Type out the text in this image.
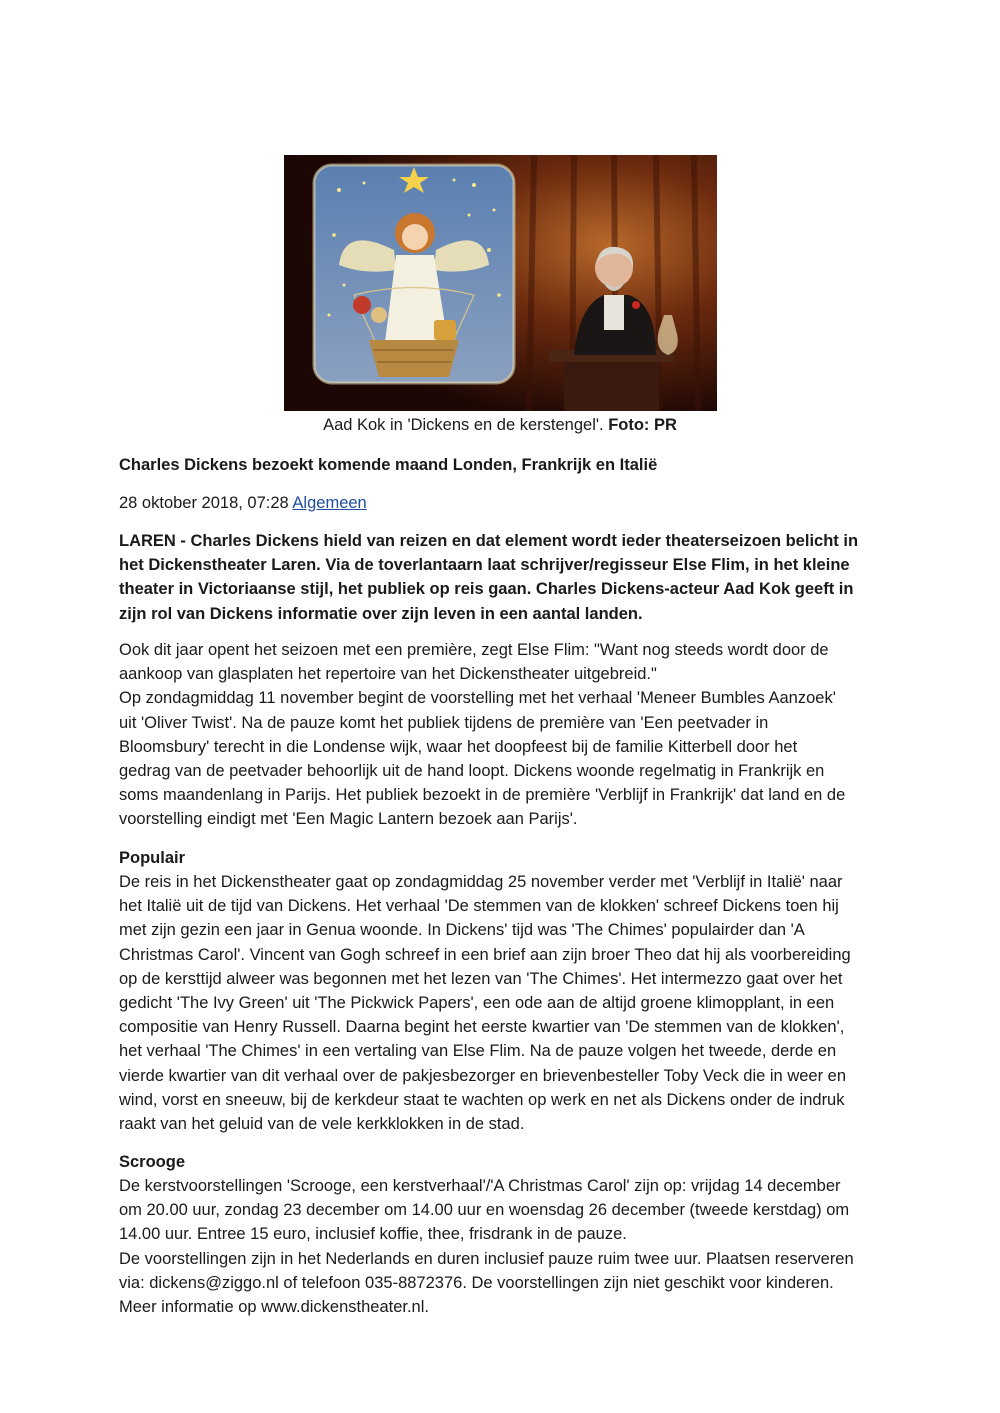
Aad Kok in 'Dickens en de kerstengel'. Foto: PR
Charles Dickens bezoekt komende maand Londen, Frankrijk en Italië
28 oktober 2018, 07:28 Algemeen
LAREN - Charles Dickens hield van reizen en dat element wordt ieder theaterseizoen belicht in
het Dickenstheater Laren. Via de toverlantaarn laat schrijver/regisseur Else Flim, in het kleine
theater in Victoriaanse stijl, het publiek op reis gaan. Charles Dickens-acteur Aad Kok geeft in
zijn rol van Dickens informatie over zijn leven in een aantal landen.
Ook dit jaar opent het seizoen met een première, zegt Else Flim: "Want nog steeds wordt door de
aankoop van glasplaten het repertoire van het Dickenstheater uitgebreid."
Op zondagmiddag 11 november begint de voorstelling met het verhaal 'Meneer Bumbles Aanzoek'
uit 'Oliver Twist'. Na de pauze komt het publiek tijdens de première van 'Een peetvader in
Bloomsbury' terecht in die Londense wijk, waar het doopfeest bij de familie Kitterbell door het
gedrag van de peetvader behoorlijk uit de hand loopt. Dickens woonde regelmatig in Frankrijk en
soms maandenlang in Parijs. Het publiek bezoekt in de première 'Verblijf in Frankrijk' dat land en de
voorstelling eindigt met 'Een Magic Lantern bezoek aan Parijs'.
Populair
De reis in het Dickenstheater gaat op zondagmiddag 25 november verder met 'Verblijf in Italië' naar
het Italië uit de tijd van Dickens. Het verhaal 'De stemmen van de klokken' schreef Dickens toen hij
met zijn gezin een jaar in Genua woonde. In Dickens' tijd was 'The Chimes' populairder dan 'A
Christmas Carol'. Vincent van Gogh schreef in een brief aan zijn broer Theo dat hij als voorbereiding
op de kersttijd alweer was begonnen met het lezen van 'The Chimes'. Het intermezzo gaat over het
gedicht 'The Ivy Green' uit 'The Pickwick Papers', een ode aan de altijd groene klimopplant, in een
compositie van Henry Russell. Daarna begint het eerste kwartier van 'De stemmen van de klokken',
het verhaal 'The Chimes' in een vertaling van Else Flim. Na de pauze volgen het tweede, derde en
vierde kwartier van dit verhaal over de pakjesbezorger en brievenbesteller Toby Veck die in weer en
wind, vorst en sneeuw, bij de kerkdeur staat te wachten op werk en net als Dickens onder de indruk
raakt van het geluid van de vele kerkklokken in de stad.
Scrooge
De kerstvoorstellingen 'Scrooge, een kerstverhaal'/'A Christmas Carol' zijn op: vrijdag 14 december
om 20.00 uur, zondag 23 december om 14.00 uur en woensdag 26 december (tweede kerstdag) om
14.00 uur. Entree 15 euro, inclusief koffie, thee, frisdrank in de pauze.
De voorstellingen zijn in het Nederlands en duren inclusief pauze ruim twee uur. Plaatsen reserveren
via: dickens@ziggo.nl of telefoon 035-8872376. De voorstellingen zijn niet geschikt voor kinderen.
Meer informatie op www.dickenstheater.nl.
